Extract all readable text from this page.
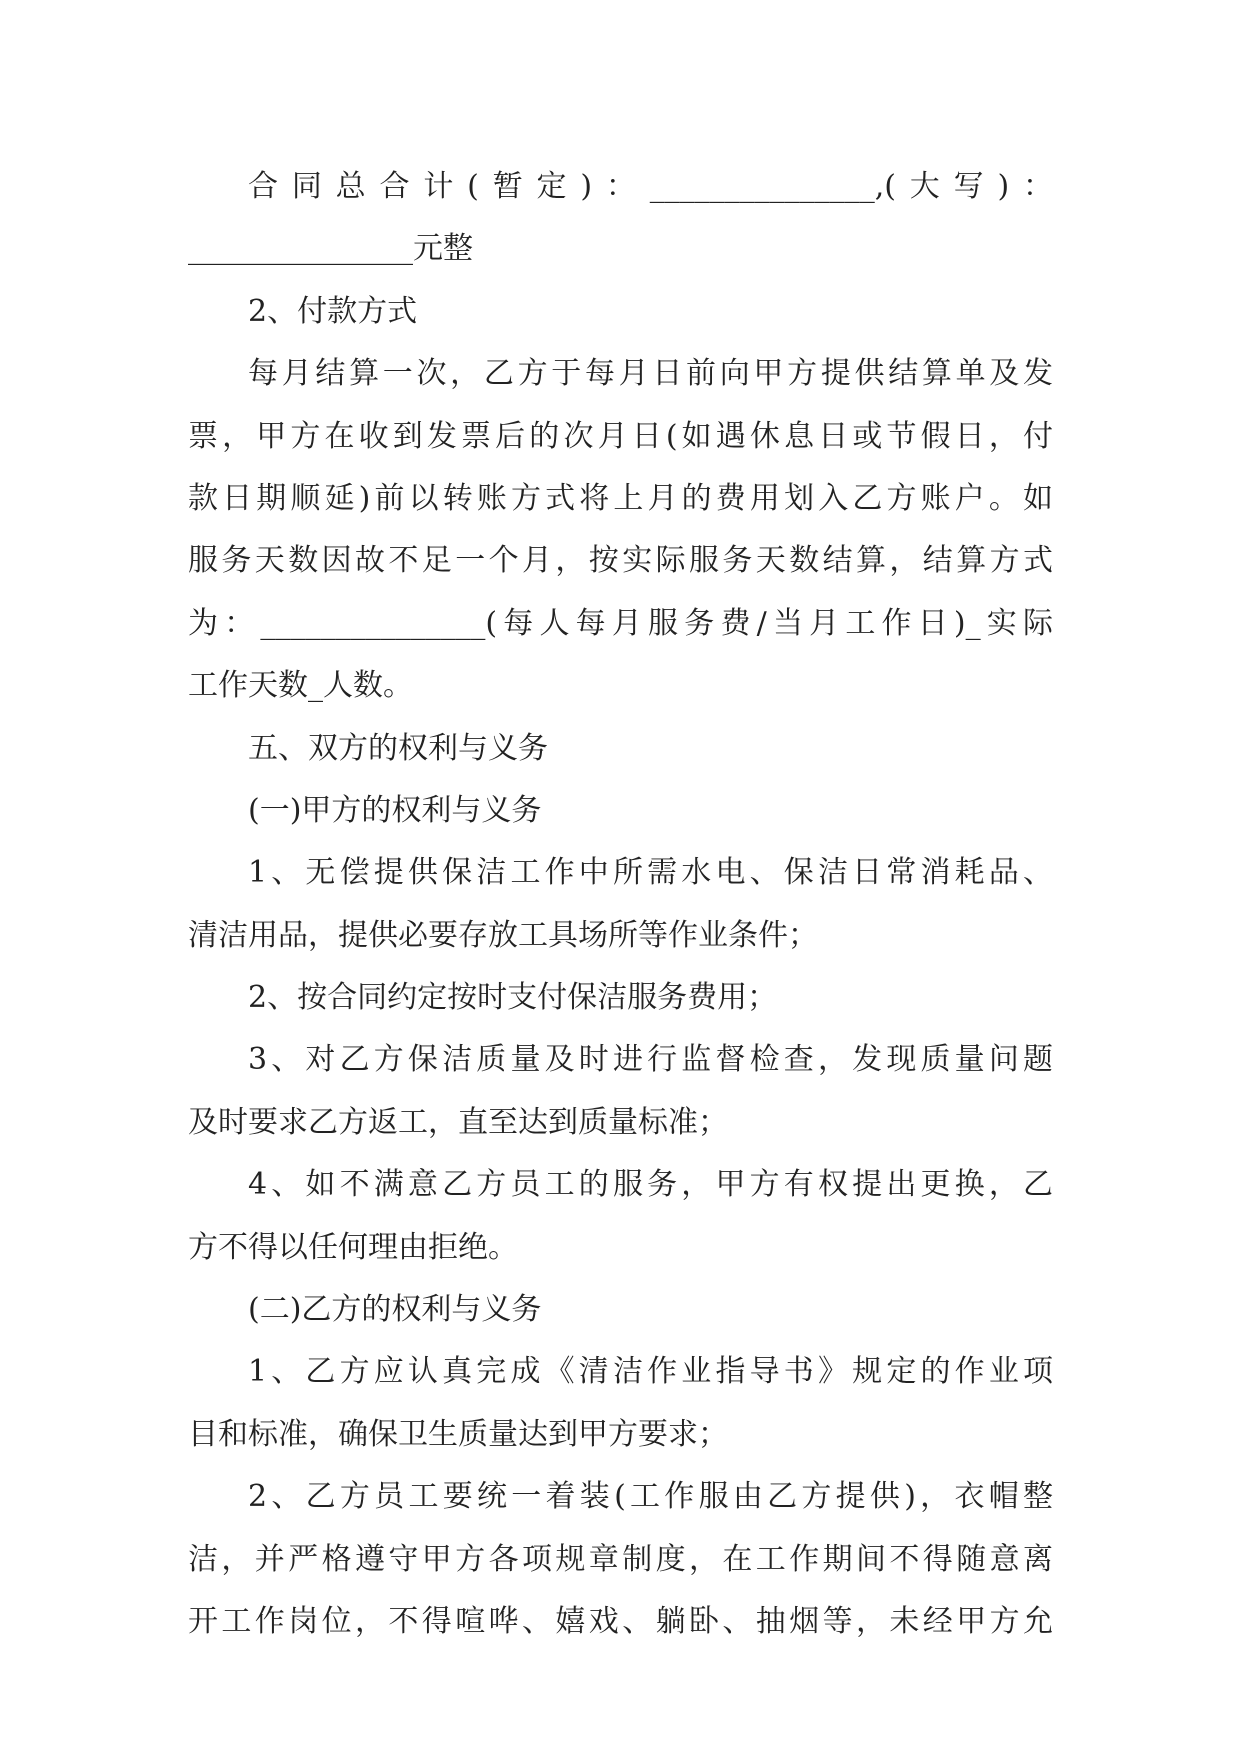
合同总合计(暂定)：_______________,(大写)：
_______________元整
2、付款方式
每月结算一次，乙方于每月日前向甲方提供结算单及发
票，甲方在收到发票后的次月日(如遇休息日或节假日，付
款日期顺延)前以转账方式将上月的费用划入乙方账户。如
服务天数因故不足一个月，按实际服务天数结算，结算方式
为：_______________(每人每月服务费/当月工作日)_实际
工作天数_人数。
五、双方的权利与义务
(一)甲方的权利与义务
1、无偿提供保洁工作中所需水电、保洁日常消耗品、
清洁用品，提供必要存放工具场所等作业条件；
2、按合同约定按时支付保洁服务费用；
3、对乙方保洁质量及时进行监督检查，发现质量问题
及时要求乙方返工，直至达到质量标准；
4、如不满意乙方员工的服务，甲方有权提出更换，乙
方不得以任何理由拒绝。
(二)乙方的权利与义务
1、乙方应认真完成《清洁作业指导书》规定的作业项
目和标准，确保卫生质量达到甲方要求；
2、乙方员工要统一着装(工作服由乙方提供)，衣帽整
洁，并严格遵守甲方各项规章制度，在工作期间不得随意离
开工作岗位，不得喧哗、嬉戏、躺卧、抽烟等，未经甲方允
